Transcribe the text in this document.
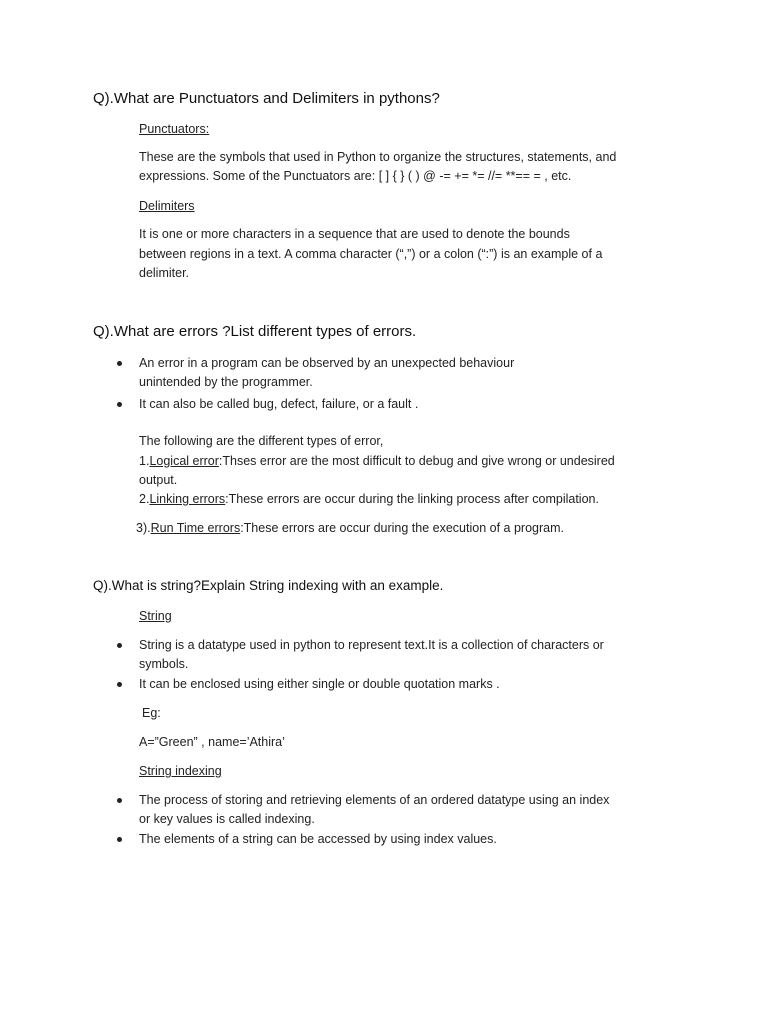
Q).What are Punctuators and Delimiters in pythons?
Punctuators:
These are the symbols that used in Python to organize the structures, statements, and
expressions. Some of the Punctuators are: [ ] { } ( ) @ -= += *= //= **== = , etc.
Delimiters
It is one or more characters in a sequence that are used to denote the bounds
between regions in a text. A comma character (“,”) or a colon (“:”) is an example of a
delimiter.
Q).What are errors ?List different types of errors.
An error in a program can be observed by an unexpected behaviour
unintended by the programmer.
It can also be called bug, defect, failure, or a fault .
The following are the different types of error,
1.Logical error:Thses error are the most difficult to debug and give wrong or undesired
output.
2.Linking errors:These errors are occur during the linking process after compilation.
3).Run Time errors:These errors are occur during the execution of a program.
Q).What is string?Explain String indexing with an example.
String
String is a datatype used in python to represent text.It is a collection of characters or
symbols.
It can be enclosed using either single or double quotation marks .
Eg:
A=”Green” , name=’Athira’
String indexing
The process of storing and retrieving elements of an ordered datatype using an index
or key values is called indexing.
The elements of a string can be accessed by using index values.
